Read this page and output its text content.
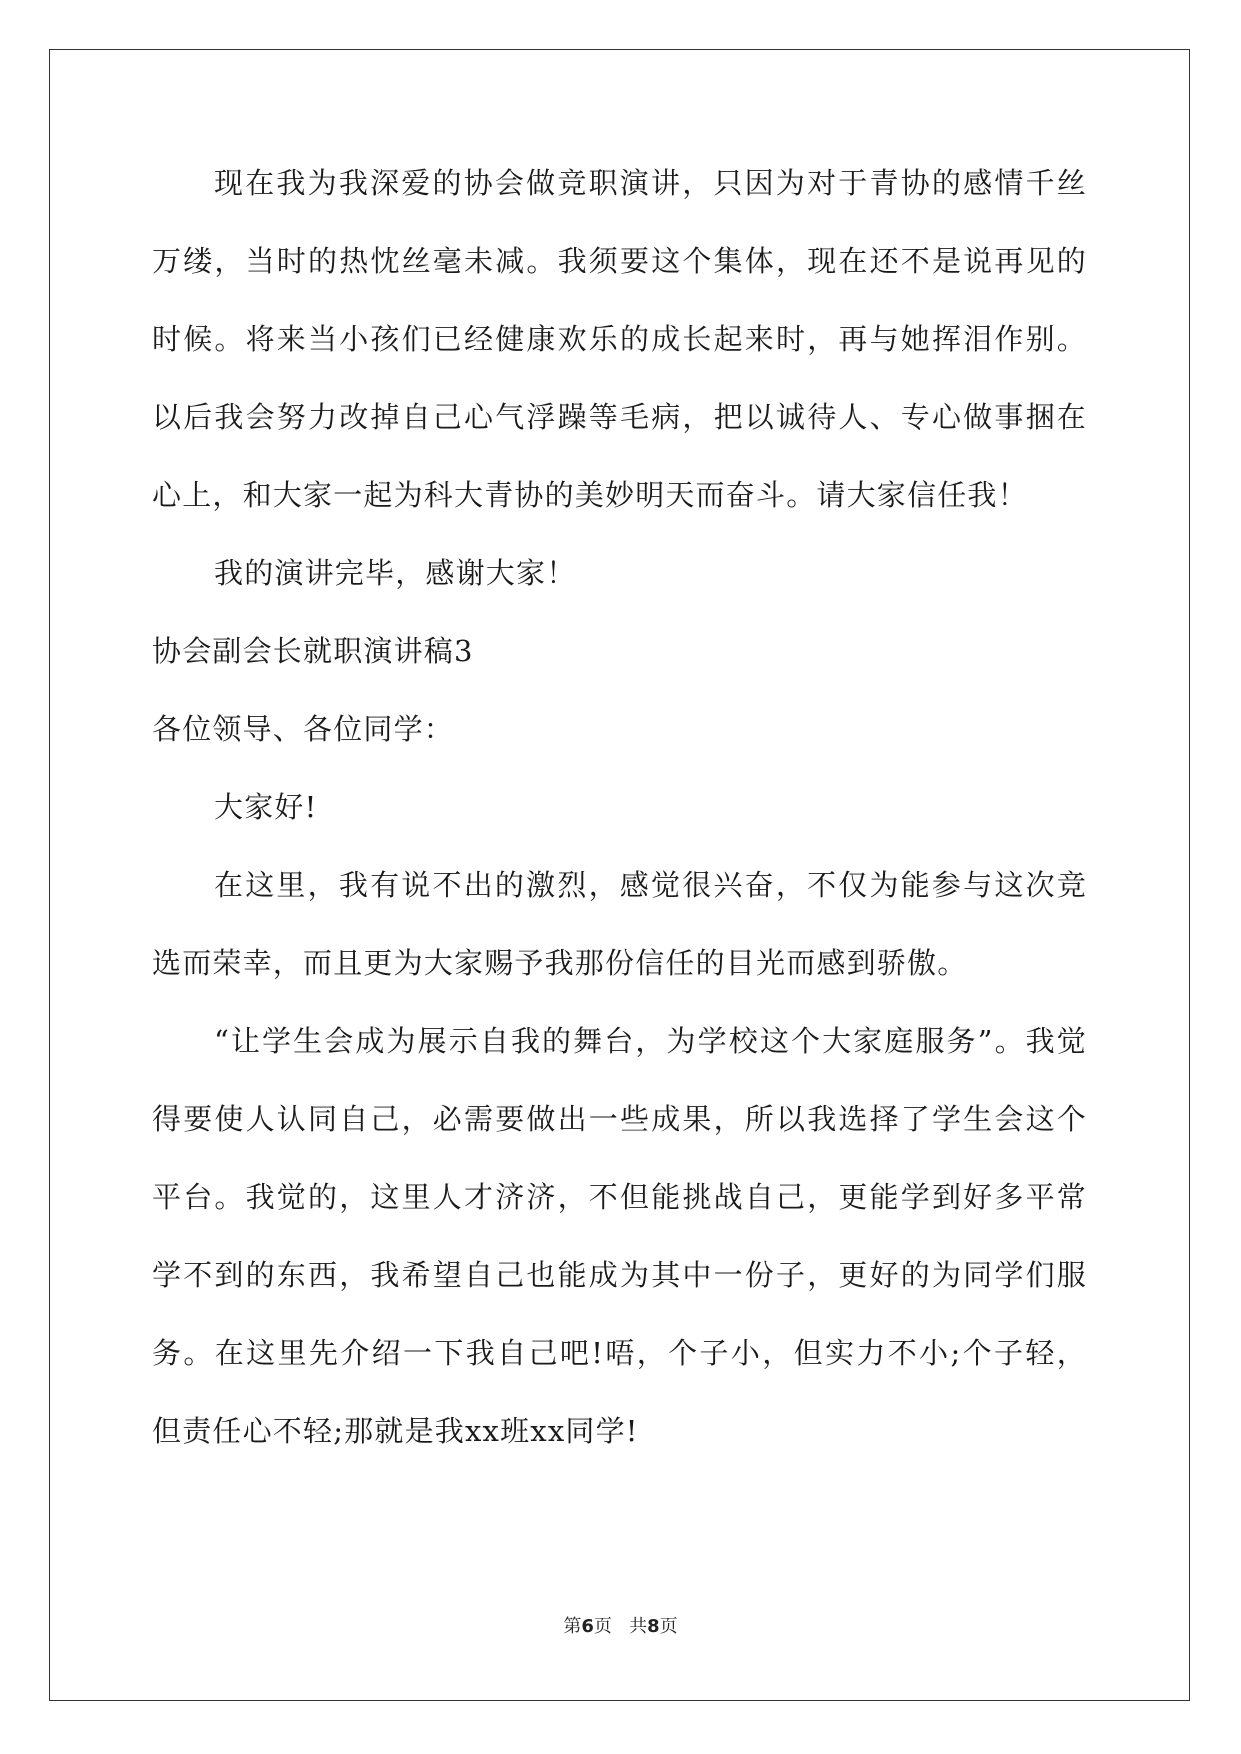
现在我为我深爱的协会做竞职演讲，只因为对于青协的感情千丝
万缕，当时的热忱丝毫未减。我须要这个集体，现在还不是说再见的
时候。将来当小孩们已经健康欢乐的成长起来时，再与她挥泪作别。
以后我会努力改掉自己心气浮躁等毛病，把以诚待人、专心做事捆在
心上，和大家一起为科大青协的美妙明天而奋斗。请大家信任我！
我的演讲完毕，感谢大家！
协会副会长就职演讲稿3
各位领导、各位同学：
大家好!
在这里，我有说不出的激烈，感觉很兴奋，不仅为能参与这次竞
选而荣幸，而且更为大家赐予我那份信任的目光而感到骄傲。
“让学生会成为展示自我的舞台，为学校这个大家庭服务”。我觉
得要使人认同自己，必需要做出一些成果，所以我选择了学生会这个
平台。我觉的，这里人才济济，不但能挑战自己，更能学到好多平常
学不到的东西，我希望自己也能成为其中一份子，更好的为同学们服
务。在这里先介绍一下我自己吧!唔，个子小，但实力不小;个子轻，
但责任心不轻;那就是我xx班xx同学!
第6页 共8页
